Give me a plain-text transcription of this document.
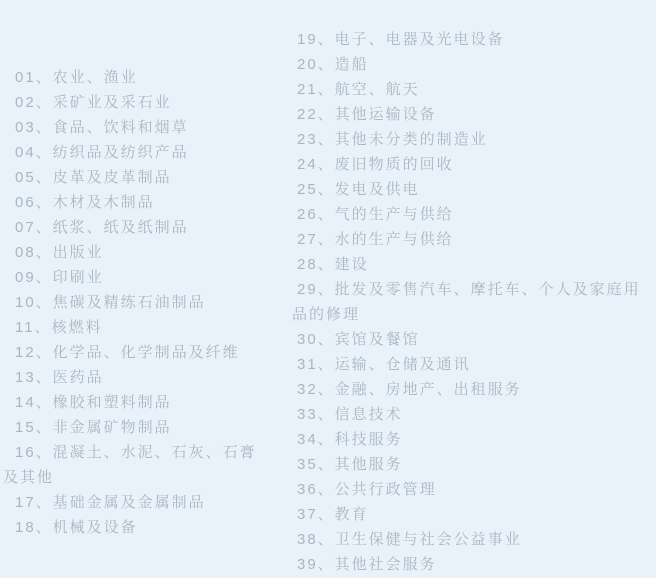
01、农业、渔业

02、采矿业及采石业

03、食品、饮料和烟草

04、纺织品及纺织产品

05、皮革及皮革制品

06、木材及木制品

07、纸浆、纸及纸制品

08、出版业

09、印刷业

10、焦碳及精练石油制品

11、核燃料

12、化学品、化学制品及纤维

13、医药品

14、橡胶和塑料制品

15、非金属矿物制品

16、混凝土、水泥、石灰、石膏及其他

17、基础金属及金属制品

18、机械及设备

19、电子、电器及光电设备

20、造船

21、航空、航天

22、其他运输设备

23、其他未分类的制造业

24、废旧物质的回收

25、发电及供电

26、气的生产与供给

27、水的生产与供给

28、建设

29、批发及零售汽车、摩托车、个人及家庭用品的修理

30、宾馆及餐馆

31、运输、仓储及通讯

32、金融、房地产、出租服务

33、信息技术

34、科技服务

35、其他服务

36、公共行政管理

37、教育

38、卫生保健与社会公益事业

39、其他社会服务
